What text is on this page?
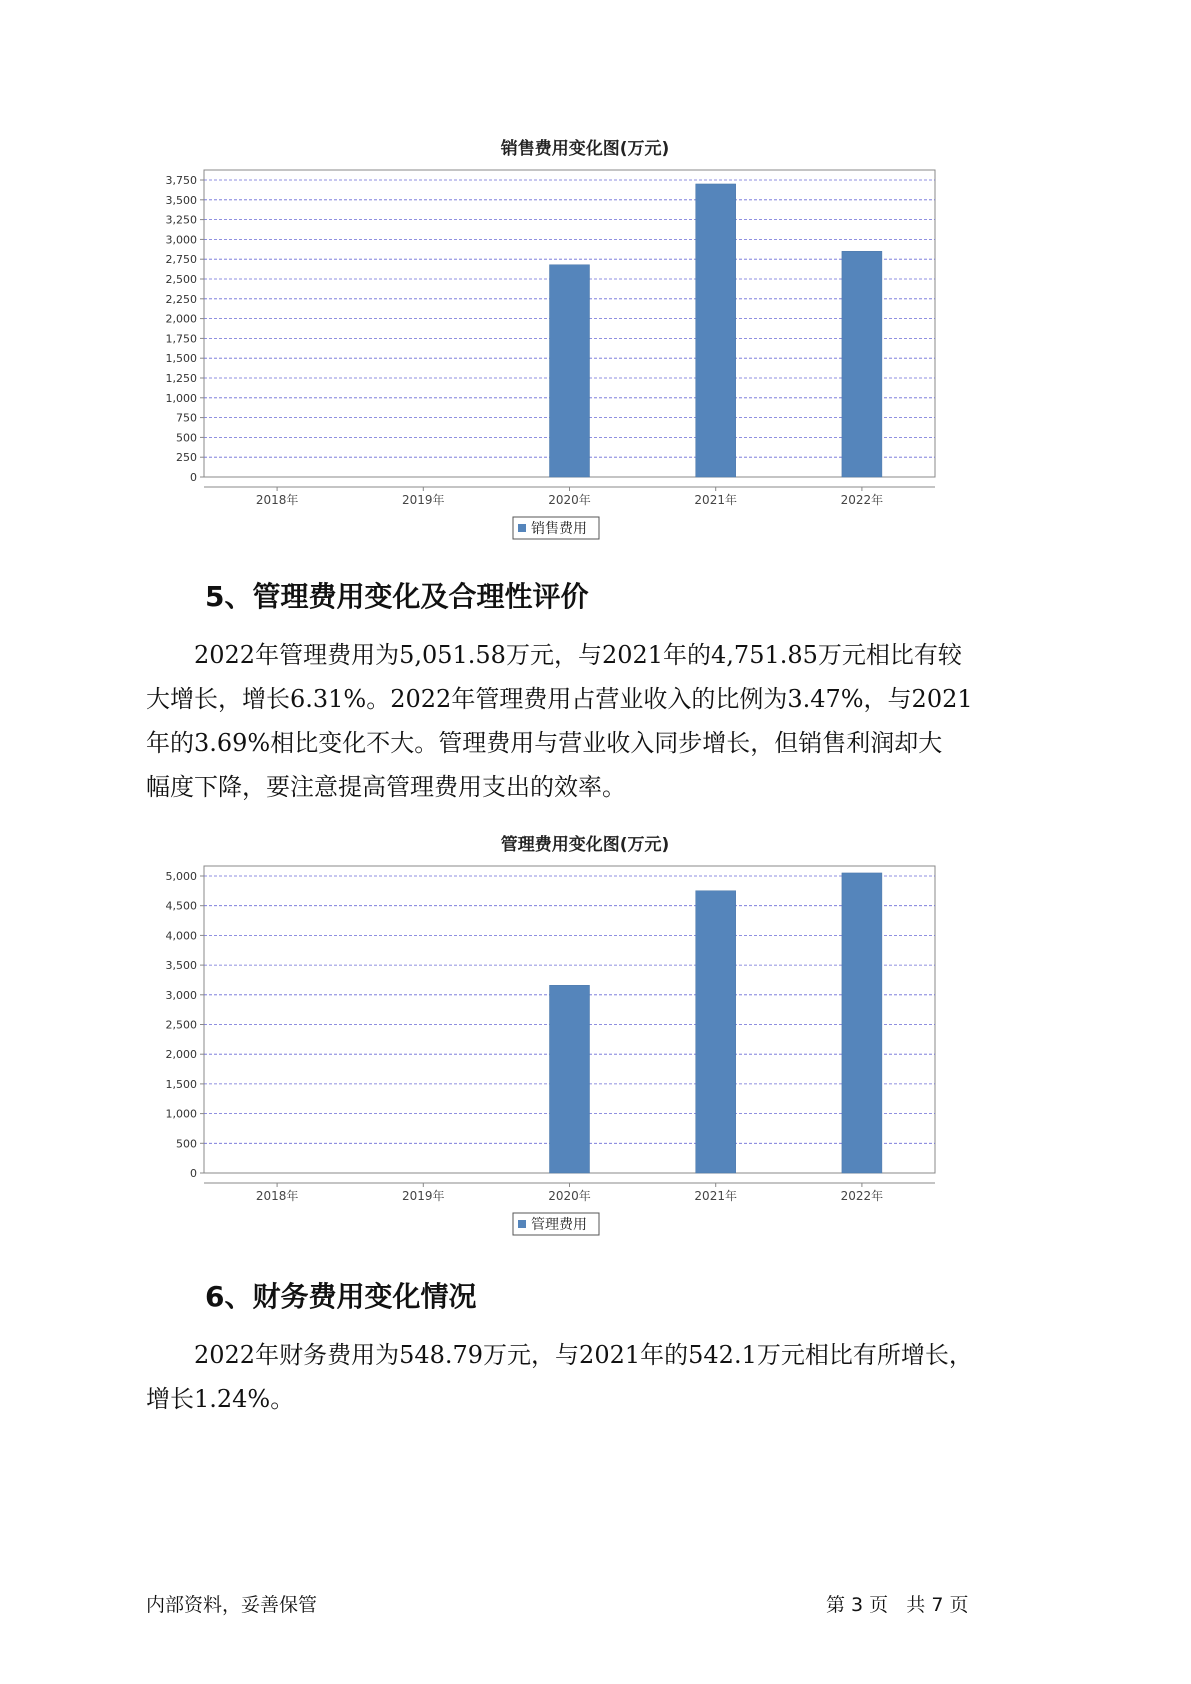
销售费用变化图(万元)
0
250
500
750
1,000
1,250
1,500
1,750
2,000
2,250
2,500
2,750
3,000
3,250
3,500
3,750
2018年	2019年	2020年	2021年	2022年
销售费用
5、管理费用变化及合理性评价

2022年管理费用为5,051.58万元，与2021年的4,751.85万元相比有较
大增长，增长6.31%。2022年管理费用占营业收入的比例为3.47%，与2021
年的3.69%相比变化不大。管理费用与营业收入同步增长，但销售利润却大
幅度下降，要注意提高管理费用支出的效率。

管理费用变化图(万元)
0
500
1,000
1,500
2,000
2,500
3,000
3,500
4,000
4,500
5,000
2018年	2019年	2020年	2021年	2022年
管理费用
6、财务费用变化情况

2022年财务费用为548.79万元，与2021年的542.1万元相比有所增长，
增长1.24%。

内部资料，妥善保管	第 3 页   共 7 页
